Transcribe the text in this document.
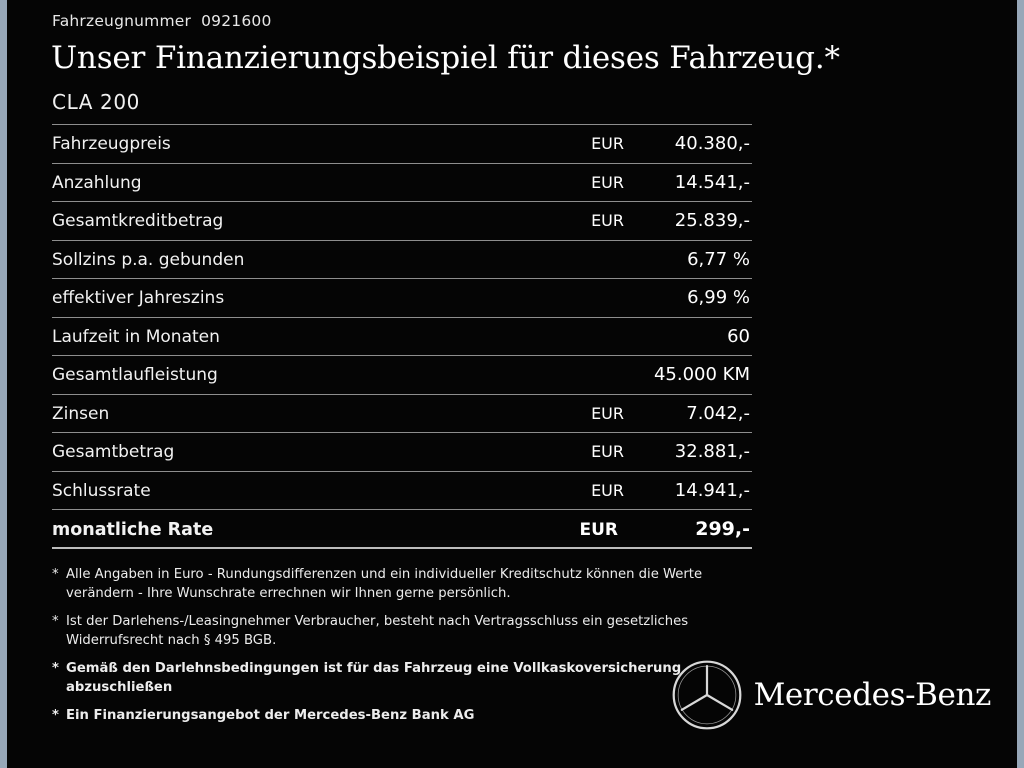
Fahrzeugnummer 0921600
Unser Finanzierungsbeispiel für dieses Fahrzeug.*
CLA 200
Fahrzeugpreis	EUR	40.380,-
Anzahlung	EUR	14.541,-
Gesamtkreditbetrag	EUR	25.839,-
Sollzins p.a. gebunden	6,77 %
effektiver Jahreszins	6,99 %
Laufzeit in Monaten	60
Gesamtlaufleistung	45.000 KM
Zinsen	EUR	7.042,-
Gesamtbetrag	EUR	32.881,-
Schlussrate	EUR	14.941,-
monatliche Rate	EUR	299,-
* Alle Angaben in Euro - Rundungsdifferenzen und ein individueller Kreditschutz können die Werte verändern - Ihre Wunschrate errechnen wir Ihnen gerne persönlich.
* Ist der Darlehens-/Leasingnehmer Verbraucher, besteht nach Vertragsschluss ein gesetzliches Widerrufsrecht nach § 495 BGB.
* Gemäß den Darlehnsbedingungen ist für das Fahrzeug eine Vollkaskoversicherung abzuschließen
* Ein Finanzierungsangebot der Mercedes-Benz Bank AG
Mercedes-Benz
